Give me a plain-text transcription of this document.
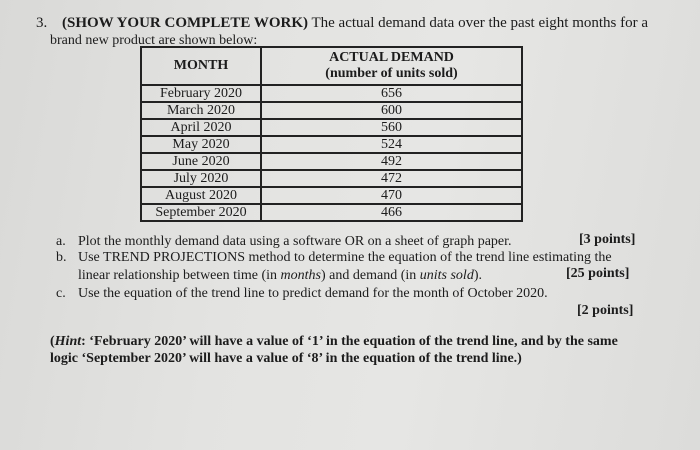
3. (SHOW YOUR COMPLETE WORK) The actual demand data over the past eight months for a
brand new product are shown below:
MONTH	ACTUAL DEMAND
(number of units sold)
February 2020	656
March 2020	600
April 2020	560
May 2020	524
June 2020	492
July 2020	472
August 2020	470
September 2020	466
a. Plot the monthly demand data using a software OR on a sheet of graph paper.	[3 points]
b. Use TREND PROJECTIONS method to determine the equation of the trend line estimating the
linear relationship between time (in months) and demand (in units sold).	[25 points]
c. Use the equation of the trend line to predict demand for the month of October 2020.
[2 points]
(Hint: ‘February 2020’ will have a value of ‘1’ in the equation of the trend line, and by the same
logic ‘September 2020’ will have a value of ‘8’ in the equation of the trend line.)
